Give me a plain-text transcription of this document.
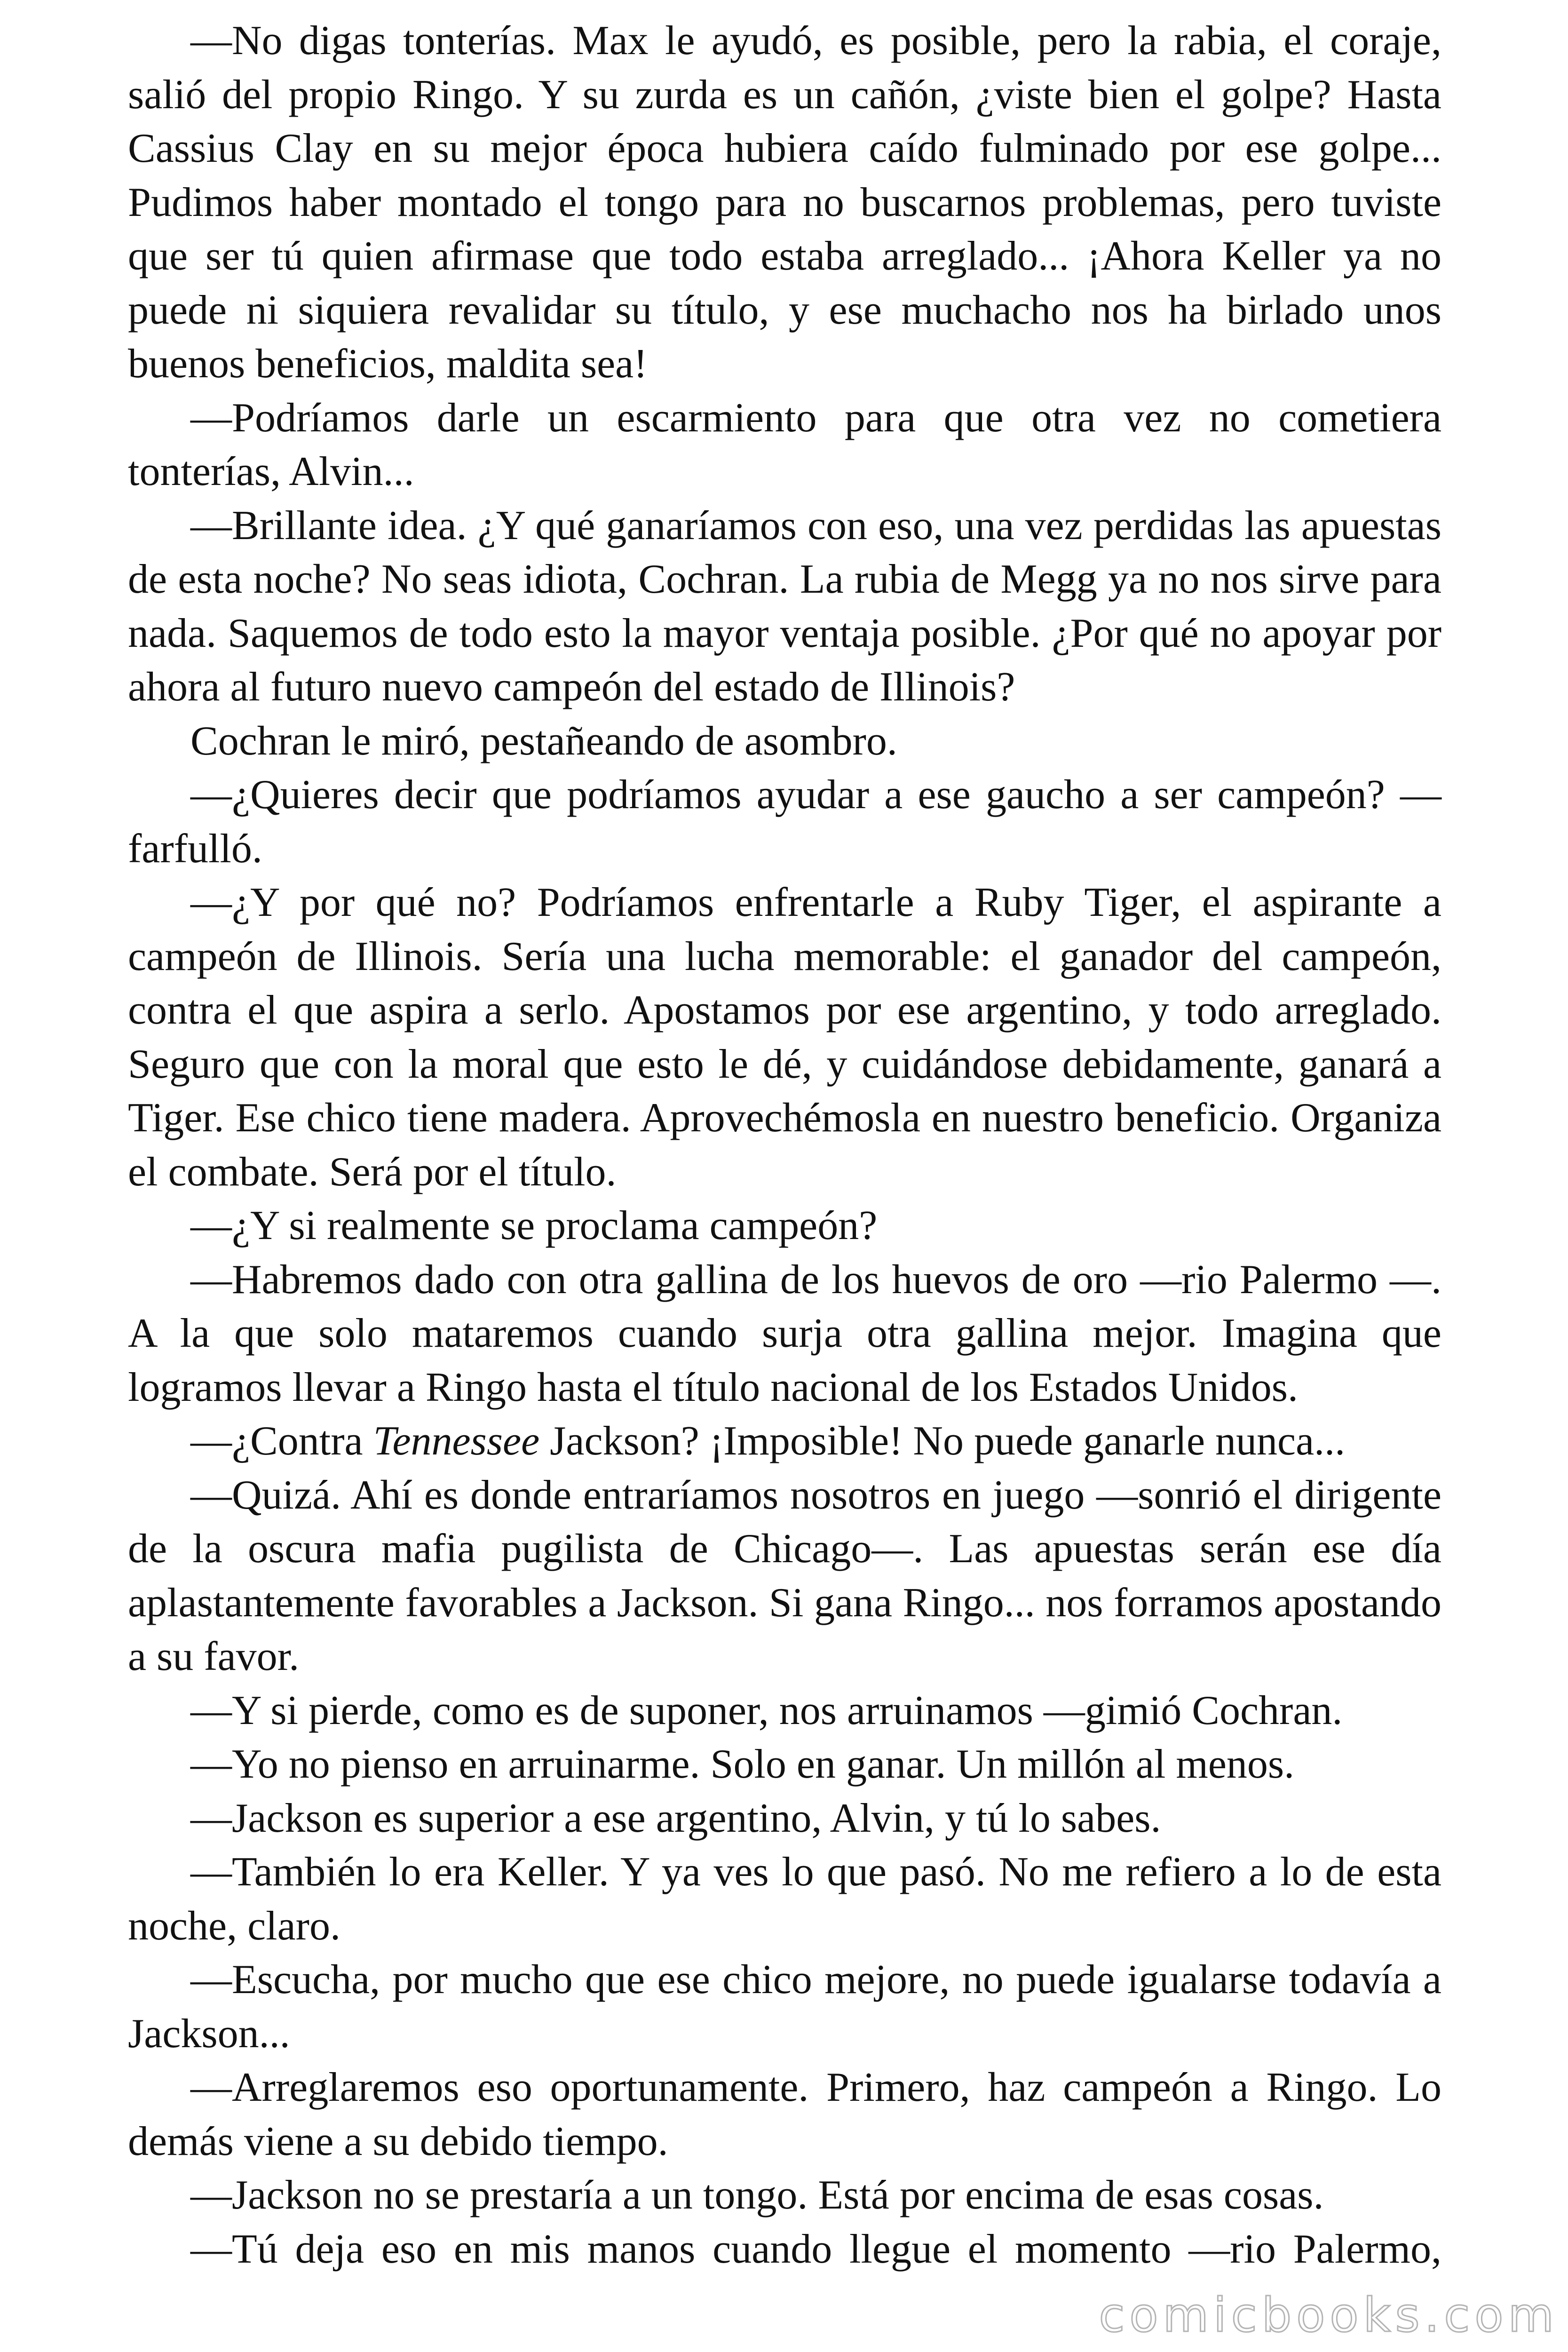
—No digas tonterías. Max le ayudó, es posible, pero la rabia, el coraje, salió del propio Ringo. Y su zurda es un cañón, ¿viste bien el golpe? Hasta Cassius Clay en su mejor época hubiera caído fulminado por ese golpe... Pudimos haber montado el tongo para no buscarnos problemas, pero tuviste que ser tú quien afirmase que todo estaba arreglado... ¡Ahora Keller ya no puede ni siquiera revalidar su título, y ese muchacho nos ha birlado unos buenos beneficios, maldita sea!

—Podríamos darle un escarmiento para que otra vez no cometiera tonterías, Alvin...

—Brillante idea. ¿Y qué ganaríamos con eso, una vez perdidas las apuestas de esta noche? No seas idiota, Cochran. La rubia de Megg ya no nos sirve para nada. Saquemos de todo esto la mayor ventaja posible. ¿Por qué no apoyar por ahora al futuro nuevo campeón del estado de Illinois?

Cochran le miró, pestañeando de asombro.

—¿Quieres decir que podríamos ayudar a ese gaucho a ser campeón? —farfulló.

—¿Y por qué no? Podríamos enfrentarle a Ruby Tiger, el aspirante a campeón de Illinois. Sería una lucha memorable: el ganador del campeón, contra el que aspira a serlo. Apostamos por ese argentino, y todo arreglado. Seguro que con la moral que esto le dé, y cuidándose debidamente, ganará a Tiger. Ese chico tiene madera. Aprovechémosla en nuestro beneficio. Organiza el combate. Será por el título.

—¿Y si realmente se proclama campeón?

—Habremos dado con otra gallina de los huevos de oro —rio Palermo —. A la que solo mataremos cuando surja otra gallina mejor. Imagina que logramos llevar a Ringo hasta el título nacional de los Estados Unidos.

—¿Contra Tennessee Jackson? ¡Imposible! No puede ganarle nunca...

—Quizá. Ahí es donde entraríamos nosotros en juego —sonrió el dirigente de la oscura mafia pugilista de Chicago—. Las apuestas serán ese día aplastantemente favorables a Jackson. Si gana Ringo... nos forramos apostando a su favor.

—Y si pierde, como es de suponer, nos arruinamos —gimió Cochran.

—Yo no pienso en arruinarme. Solo en ganar. Un millón al menos.

—Jackson es superior a ese argentino, Alvin, y tú lo sabes.

—También lo era Keller. Y ya ves lo que pasó. No me refiero a lo de esta noche, claro.

—Escucha, por mucho que ese chico mejore, no puede igualarse todavía a Jackson...

—Arreglaremos eso oportunamente. Primero, haz campeón a Ringo. Lo demás viene a su debido tiempo.

—Jackson no se prestaría a un tongo. Está por encima de esas cosas.

—Tú deja eso en mis manos cuando llegue el momento —rio Palermo,

comicbooks.com
